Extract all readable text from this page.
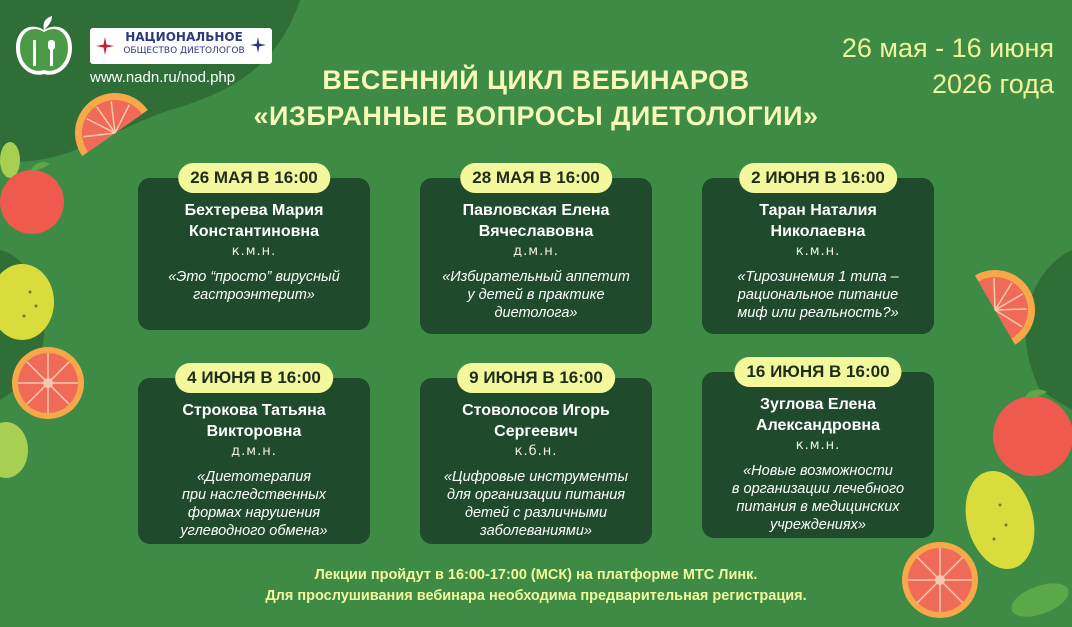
НАЦИОНАЛЬНОЕ
ОБЩЕСТВО ДИЕТОЛОГОВ
www.nadn.ru/nod.php
26 мая - 16 июня
2026 года
ВЕСЕННИЙ ЦИКЛ ВЕБИНАРОВ
«ИЗБРАННЫЕ ВОПРОСЫ ДИЕТОЛОГИИ»
26 МАЯ В 16:00
Бехтерева Мария
Константиновна
к.м.н.
«Это “просто” вирусный
гастроэнтерит»
28 МАЯ В 16:00
Павловская Елена
Вячеславовна
д.м.н.
«Избирательный аппетит
у детей в практике
диетолога»
2 ИЮНЯ В 16:00
Таран Наталия
Николаевна
к.м.н.
«Тирозинемия 1 типа –
рациональное питание
миф или реальность?»
4 ИЮНЯ В 16:00
Строкова Татьяна
Викторовна
д.м.н.
«Диетотерапия
при наследственных
формах нарушения
углеводного обмена»
9 ИЮНЯ В 16:00
Стоволосов Игорь
Сергеевич
к.б.н.
«Цифровые инструменты
для организации питания
детей с различными
заболеваниями»
16 ИЮНЯ В 16:00
Зуглова Елена
Александровна
к.м.н.
«Новые возможности
в организации лечебного
питания в медицинских
учреждениях»
Лекции пройдут в 16:00-17:00 (МСК) на платформе МТС Линк.
Для прослушивания вебинара необходима предварительная регистрация.
